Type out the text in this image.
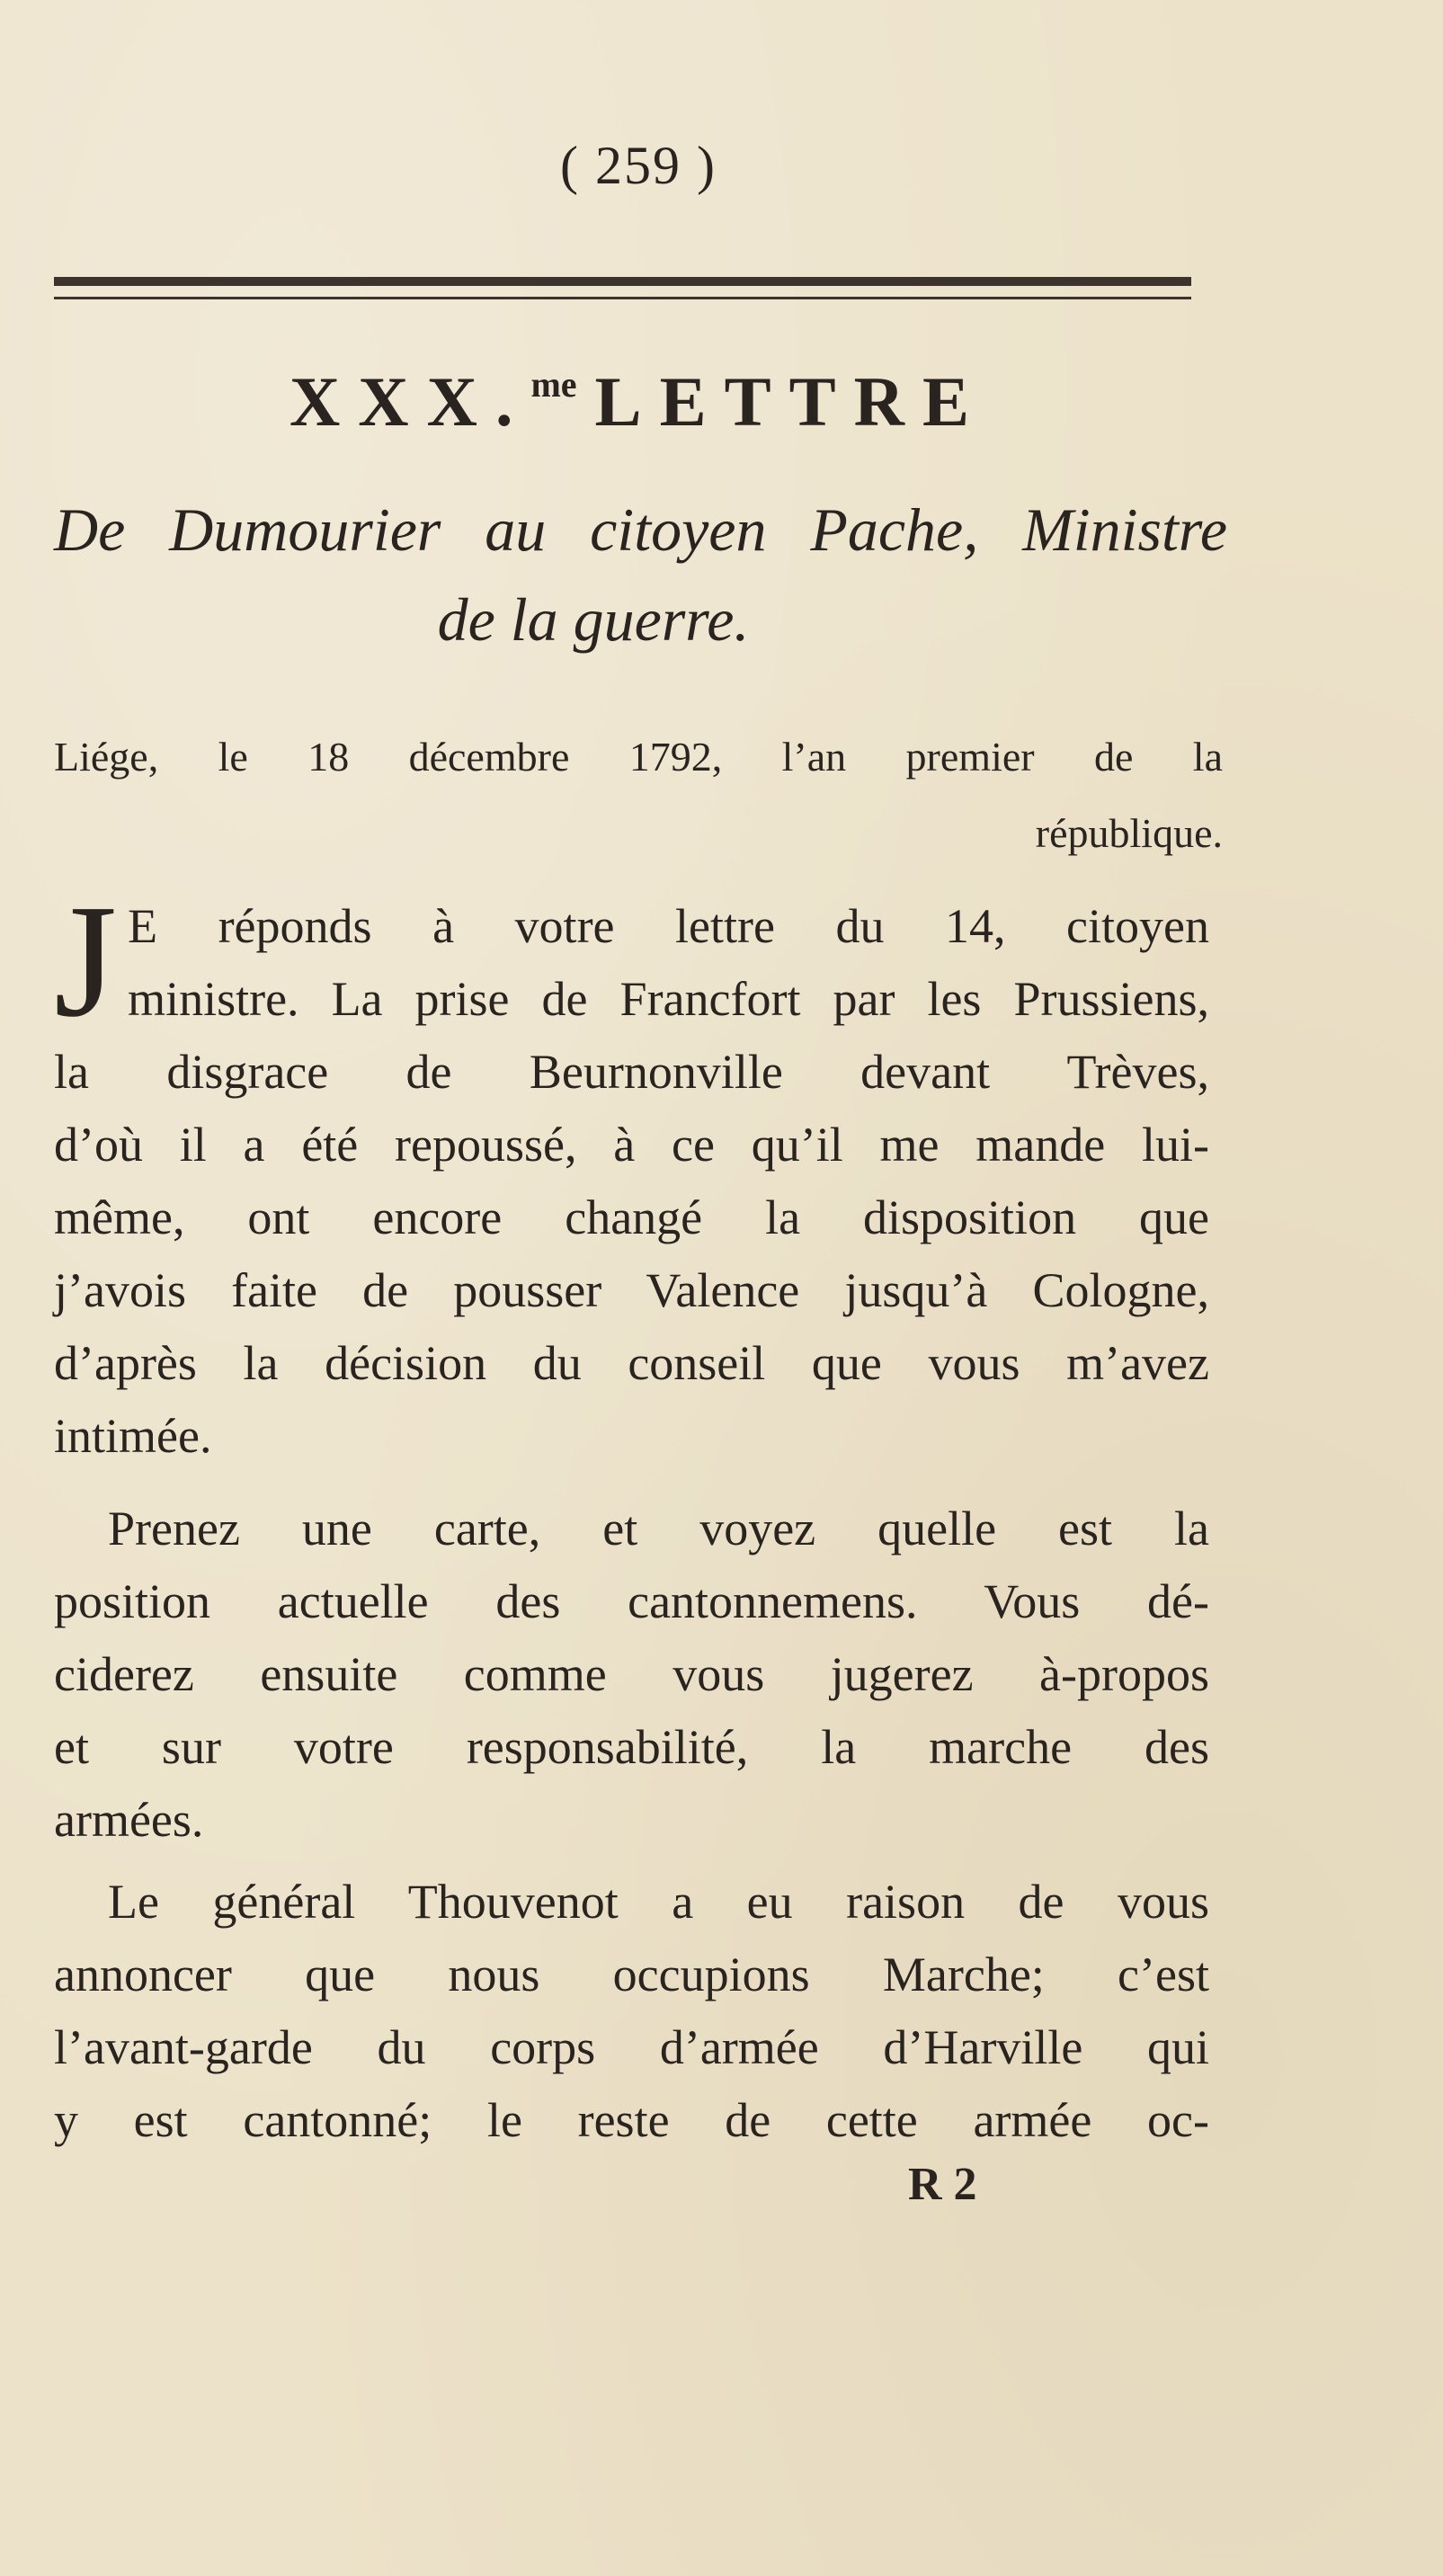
( 259 )
XXX.$^{me}$ LETTRE
De Dumourier au citoyen Pache, Ministre
de la guerre.
Liége, le 18 décembre 1792, l’an premier de la
république.
J E réponds à votre lettre du 14, citoyen
ministre. La prise de Francfort par les Prussiens,
la disgrace de Beurnonville devant Trèves,
d’où il a été repoussé, à ce qu’il me mande lui-
même, ont encore changé la disposition que
j’avois faite de pousser Valence jusqu’à Cologne,
d’après la décision du conseil que vous m’avez
intimée.
Prenez une carte, et voyez quelle est la
position actuelle des cantonnemens. Vous dé-
ciderez ensuite comme vous jugerez à-propos
et sur votre responsabilité, la marche des
armées.
Le général Thouvenot a eu raison de vous
annoncer que nous occupions Marche; c’est
l’avant-garde du corps d’armée d’Harville qui
y est cantonné; le reste de cette armée oc-
R 2
